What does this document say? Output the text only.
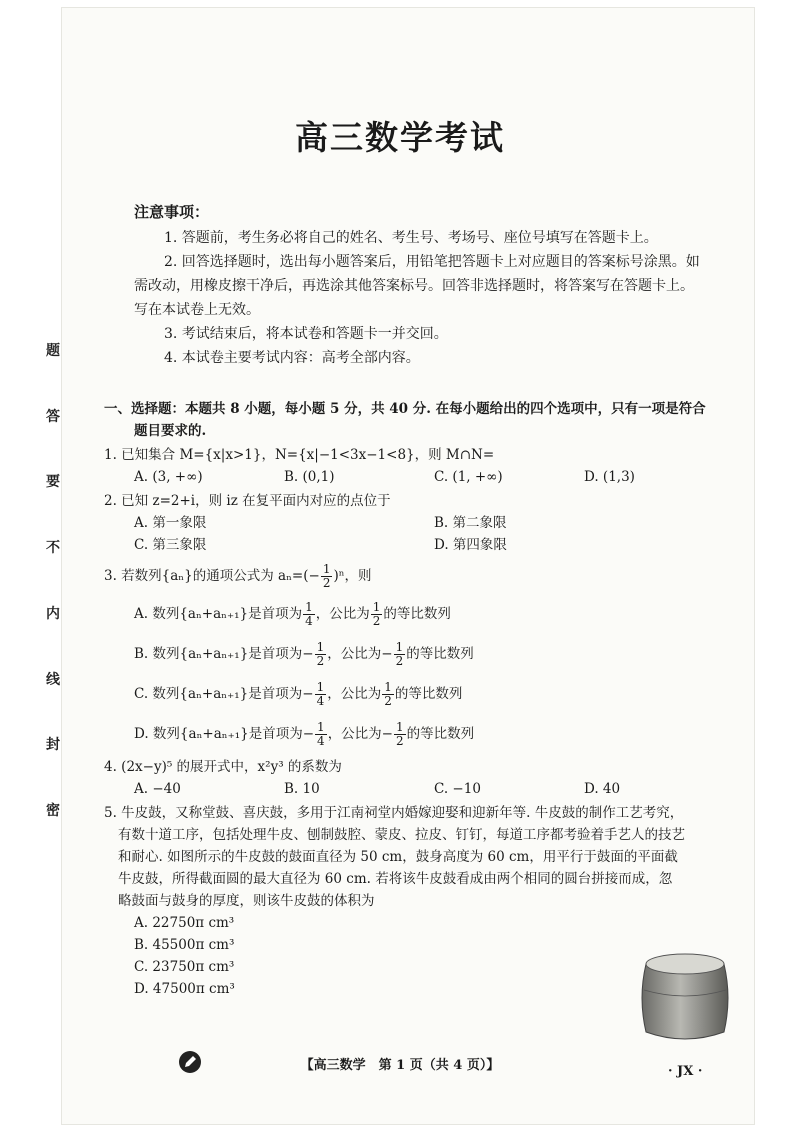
题
答
要
不
内
线
封
密
高三数学考试
注意事项：
1. 答题前，考生务必将自己的姓名、考生号、考场号、座位号填写在答题卡上。
2. 回答选择题时，选出每小题答案后，用铅笔把答题卡上对应题目的答案标号涂黑。如需改动，用橡皮擦干净后，再选涂其他答案标号。回答非选择题时，将答案写在答题卡上。写在本试卷上无效。
3. 考试结束后，将本试卷和答题卡一并交回。
4. 本试卷主要考试内容：高考全部内容。
一、选择题：本题共 8 小题，每小题 5 分，共 40 分. 在每小题给出的四个选项中，只有一项是符合
题目要求的.
1. 已知集合 M={x|x>1}，N={x|−1<3x−1<8}，则 M∩N=
A. (3, +∞)	B. (0,1)	C. (1, +∞)	D. (1,3)
2. 已知 z=2+i，则 iz 在复平面内对应的点位于
A. 第一象限	B. 第二象限
C. 第三象限	D. 第四象限
3. 若数列{aₙ}的通项公式为 $a_n=(- \frac{1}{2} )^n$，则
A. 数列{aₙ+aₙ₊₁}是首项为 $\frac{1}{4}$ ，公比为 $\frac{1}{2}$ 的等比数列
B. 数列{aₙ+aₙ₊₁}是首项为− $\frac{1}{2}$ ，公比为− $\frac{1}{2}$ 的等比数列
C. 数列{aₙ+aₙ₊₁}是首项为− $\frac{1}{4}$ ，公比为 $\frac{1}{2}$ 的等比数列
D. 数列{aₙ+aₙ₊₁}是首项为− $\frac{1}{4}$ ，公比为− $\frac{1}{2}$ 的等比数列
4. (2x−y)⁵ 的展开式中，x²y³ 的系数为
A. −40	B. 10	C. −10	D. 40
5. 牛皮鼓，又称堂鼓、喜庆鼓，多用于江南祠堂内婚嫁迎娶和迎新年等. 牛皮鼓的制作工艺考究，
有数十道工序，包括处理牛皮、刨制鼓腔、蒙皮、拉皮、钉钉，每道工序都考验着手艺人的技艺
和耐心. 如图所示的牛皮鼓的鼓面直径为 50 cm，鼓身高度为 60 cm，用平行于鼓面的平面截
牛皮鼓，所得截面圆的最大直径为 60 cm. 若将该牛皮鼓看成由两个相同的圆台拼接而成，忽
略鼓面与鼓身的厚度，则该牛皮鼓的体积为
A. 22750π cm³
B. 45500π cm³
C. 23750π cm³
D. 47500π cm³
【高三数学　第 1 页（共 4 页）】	· JX ·
